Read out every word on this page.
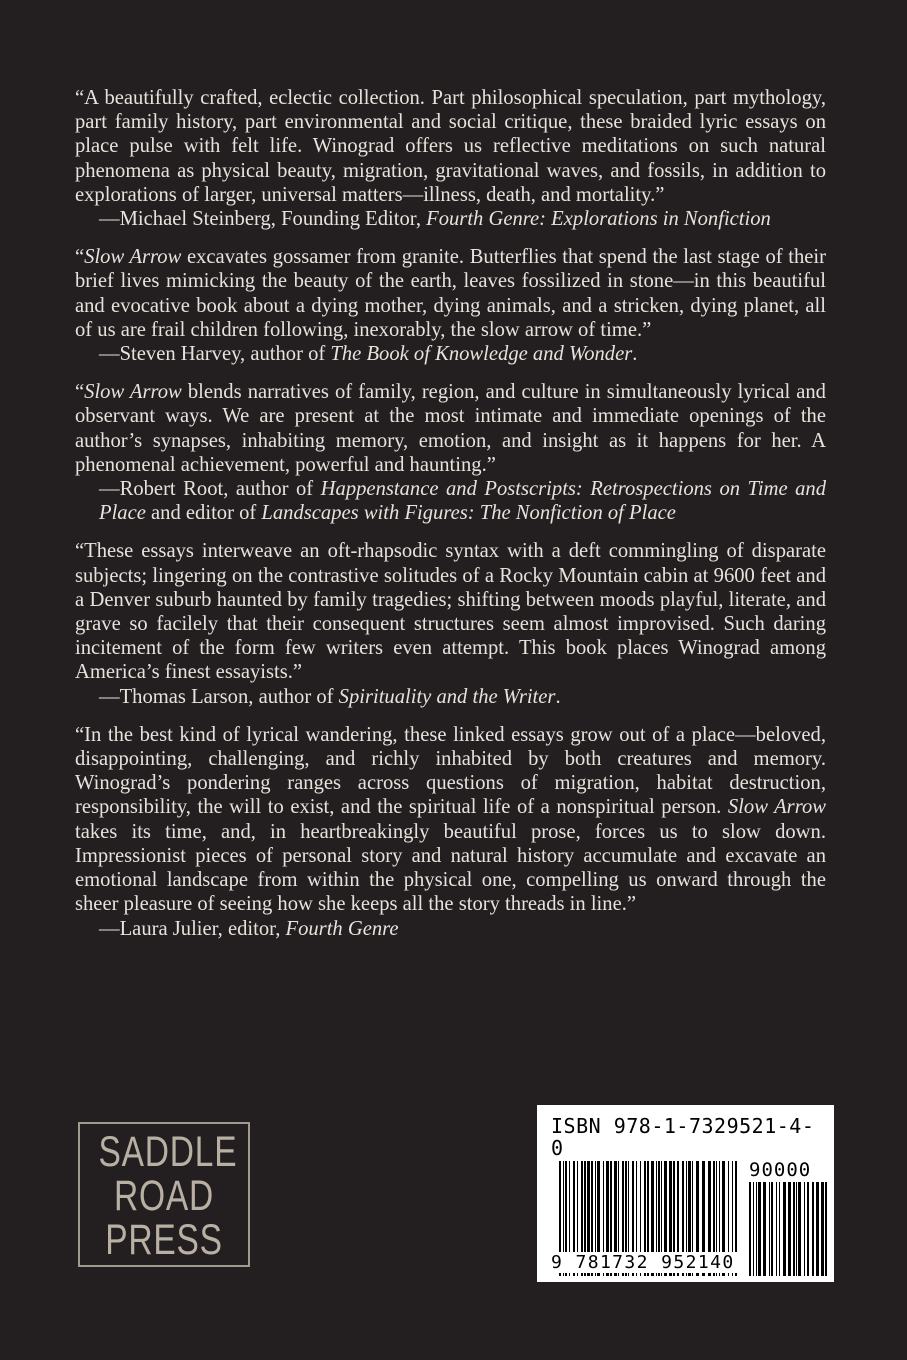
“A beautifully crafted, eclectic collection. Part philosophical speculation, part mythology, part family history, part environmental and social critique, these braided lyric essays on place pulse with felt life. Winograd offers us reflective meditations on such natural phenomena as physical beauty, migration, gravitational waves, and fossils, in addition to explorations of larger, universal matters—illness, death, and mortality.”

—Michael Steinberg, Founding Editor, Fourth Genre: Explorations in Nonfiction

“Slow Arrow excavates gossamer from granite. Butterflies that spend the last stage of their brief lives mimicking the beauty of the earth, leaves fossilized in stone—in this beautiful and evocative book about a dying mother, dying animals, and a stricken, dying planet, all of us are frail children following, inexorably, the slow arrow of time.”

—Steven Harvey, author of The Book of Knowledge and Wonder.

“Slow Arrow blends narratives of family, region, and culture in simultaneously lyrical and observant ways. We are present at the most intimate and immediate openings of the author’s synapses, inhabiting memory, emotion, and insight as it happens for her. A phenomenal achievement, powerful and haunting.”

—Robert Root, author of Happenstance and Postscripts: Retrospections on Time and Place and editor of Landscapes with Figures: The Nonfiction of Place

“These essays interweave an oft-rhapsodic syntax with a deft commingling of disparate subjects; lingering on the contrastive solitudes of a Rocky Mountain cabin at 9600 feet and a Denver suburb haunted by family tragedies; shifting between moods playful, literate, and grave so facilely that their consequent structures seem almost improvised. Such daring incitement of the form few writers even attempt. This book places Winograd among America’s finest essayists.”

—Thomas Larson, author of Spirituality and the Writer.

“In the best kind of lyrical wandering, these linked essays grow out of a place—beloved, disappointing, challenging, and richly inhabited by both creatures and memory. Winograd’s pondering ranges across questions of migration, habitat destruction, responsibility, the will to exist, and the spiritual life of a nonspiritual person. Slow Arrow takes its time, and, in heartbreakingly beautiful prose, forces us to slow down. Impressionist pieces of personal story and natural history accumulate and excavate an emotional landscape from within the physical one, compelling us onward through the sheer pleasure of seeing how she keeps all the story threads in line.”

—Laura Julier, editor, Fourth Genre

SADDLE
ROAD
PRESS
ISBN 978-1-7329521-4-0
90000
9 781732 952140
